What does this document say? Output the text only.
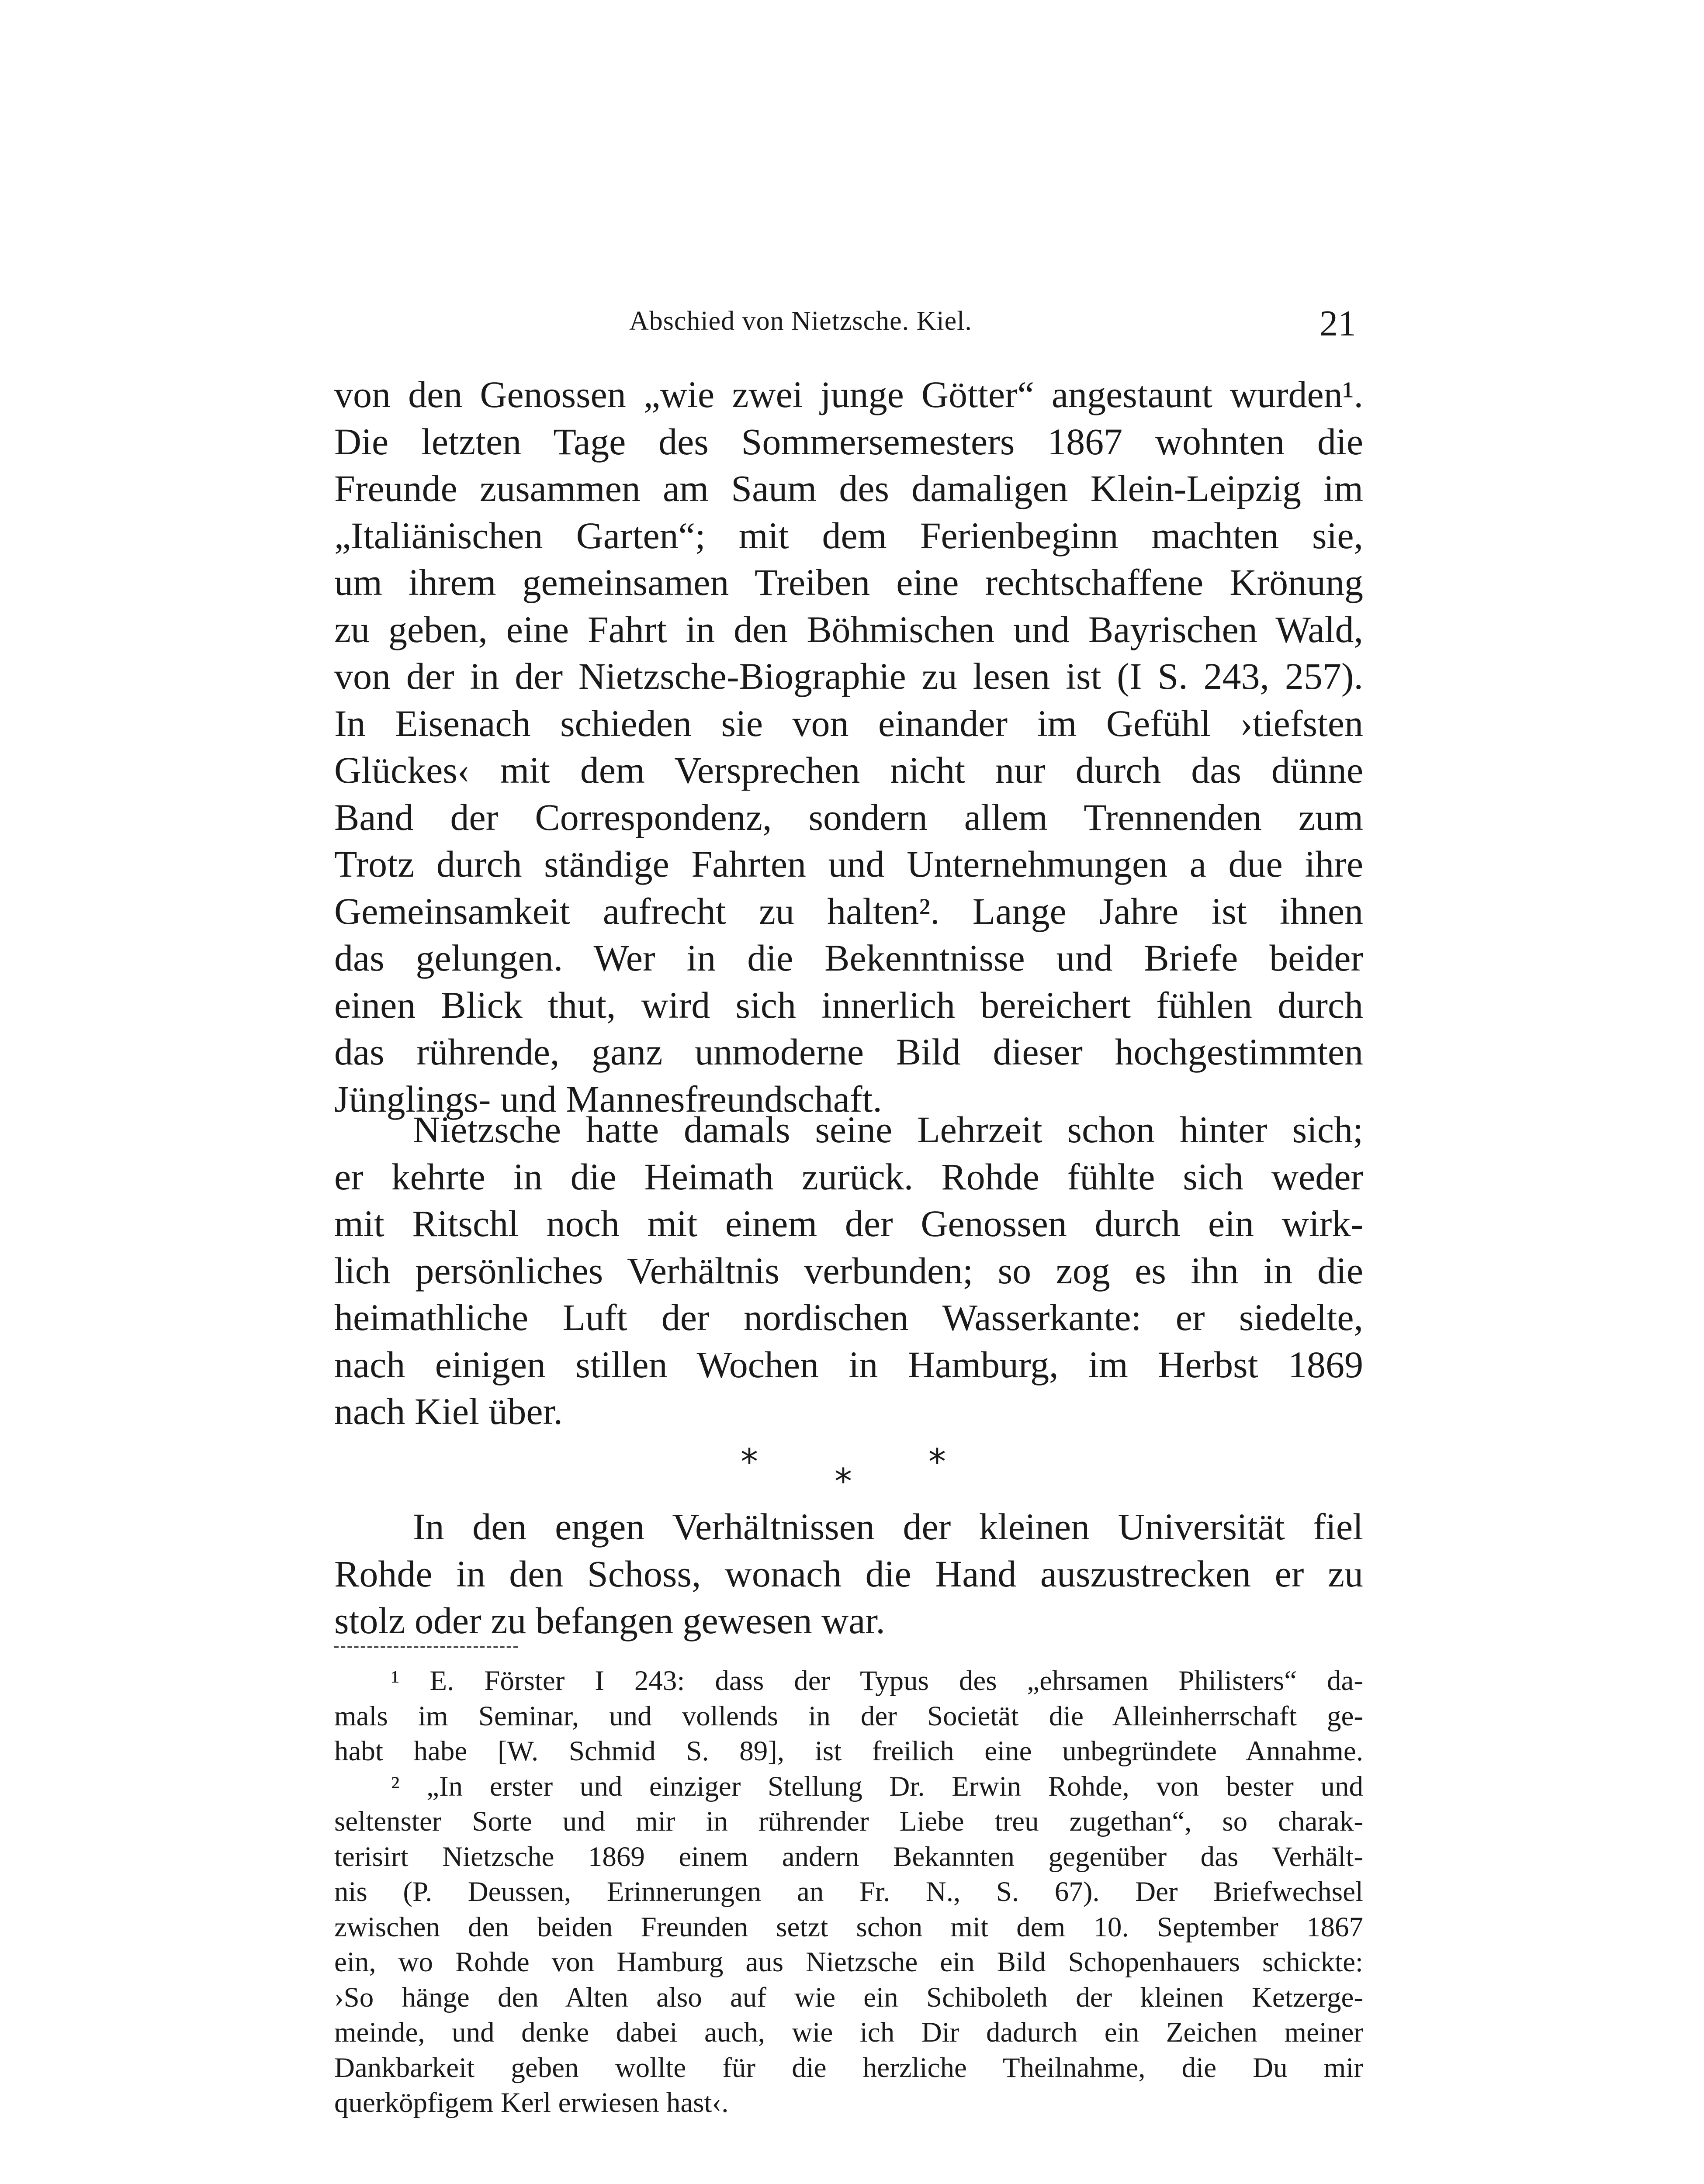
Abschied von Nietzsche. Kiel.	21
von den Genossen „wie zwei junge Götter“ angestaunt wurden¹.
Die letzten Tage des Sommersemesters 1867 wohnten die
Freunde zusammen am Saum des damaligen Klein-Leipzig im
„Italiänischen Garten“; mit dem Ferienbeginn machten sie,
um ihrem gemeinsamen Treiben eine rechtschaffene Krönung
zu geben, eine Fahrt in den Böhmischen und Bayrischen Wald,
von der in der Nietzsche-Biographie zu lesen ist (I S. 243, 257).
In Eisenach schieden sie von einander im Gefühl ›tiefsten
Glückes‹ mit dem Versprechen nicht nur durch das dünne
Band der Correspondenz, sondern allem Trennenden zum
Trotz durch ständige Fahrten und Unternehmungen a due ihre
Gemeinsamkeit aufrecht zu halten². Lange Jahre ist ihnen
das gelungen. Wer in die Bekenntnisse und Briefe beider
einen Blick thut, wird sich innerlich bereichert fühlen durch
das rührende, ganz unmoderne Bild dieser hochgestimmten
Jünglings- und Mannesfreundschaft.
Nietzsche hatte damals seine Lehrzeit schon hinter sich;
er kehrte in die Heimath zurück. Rohde fühlte sich weder
mit Ritschl noch mit einem der Genossen durch ein wirk-
lich persönliches Verhältnis verbunden; so zog es ihn in die
heimathliche Luft der nordischen Wasserkante: er siedelte,
nach einigen stillen Wochen in Hamburg, im Herbst 1869
nach Kiel über.
* * *
In den engen Verhältnissen der kleinen Universität fiel
Rohde in den Schoss, wonach die Hand auszustrecken er zu
stolz oder zu befangen gewesen war.
¹ E. Förster I 243: dass der Typus des „ehrsamen Philisters“ da-
mals im Seminar, und vollends in der Societät die Alleinherrschaft ge-
habt habe [W. Schmid S. 89], ist freilich eine unbegründete Annahme.
² „In erster und einziger Stellung Dr. Erwin Rohde, von bester und
seltenster Sorte und mir in rührender Liebe treu zugethan“, so charak-
terisirt Nietzsche 1869 einem andern Bekannten gegenüber das Verhält-
nis (P. Deussen, Erinnerungen an Fr. N., S. 67). Der Briefwechsel
zwischen den beiden Freunden setzt schon mit dem 10. September 1867
ein, wo Rohde von Hamburg aus Nietzsche ein Bild Schopenhauers schickte:
›So hänge den Alten also auf wie ein Schiboleth der kleinen Ketzerge-
meinde, und denke dabei auch, wie ich Dir dadurch ein Zeichen meiner
Dankbarkeit geben wollte für die herzliche Theilnahme, die Du mir
querköpfigem Kerl erwiesen hast‹.
